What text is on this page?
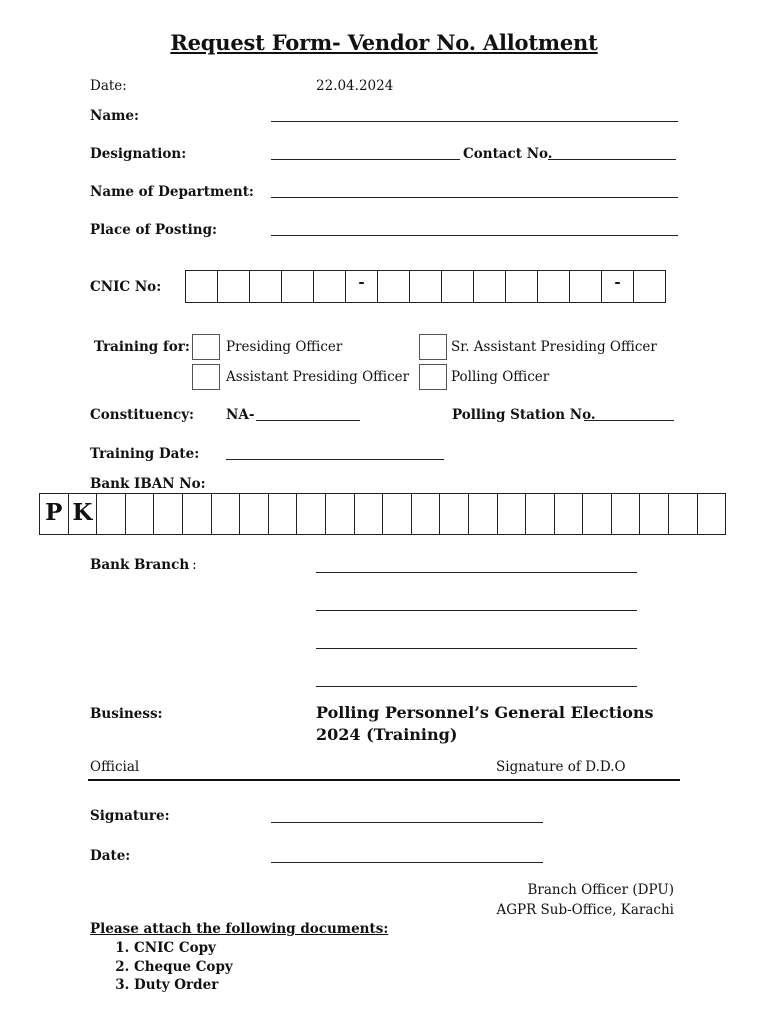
Request Form- Vendor No. Allotment
Date:	22.04.2024
Name:
Designation:	Contact No.
Name of Department:
Place of Posting:
CNIC No:	-	-
Training for:	Presiding Officer	Sr. Assistant Presiding Officer
Assistant Presiding Officer	Polling Officer
Constituency: NA-	Polling Station No.
Training Date:
Bank IBAN No:
P K
Bank Branch :
Business:	Polling Personnel’s General Elections 2024 (Training)
Official	Signature of D.D.O
Signature:
Date:
Branch Officer (DPU)
AGPR Sub-Office, Karachi
Please attach the following documents:
1. CNIC Copy
2. Cheque Copy
3. Duty Order
